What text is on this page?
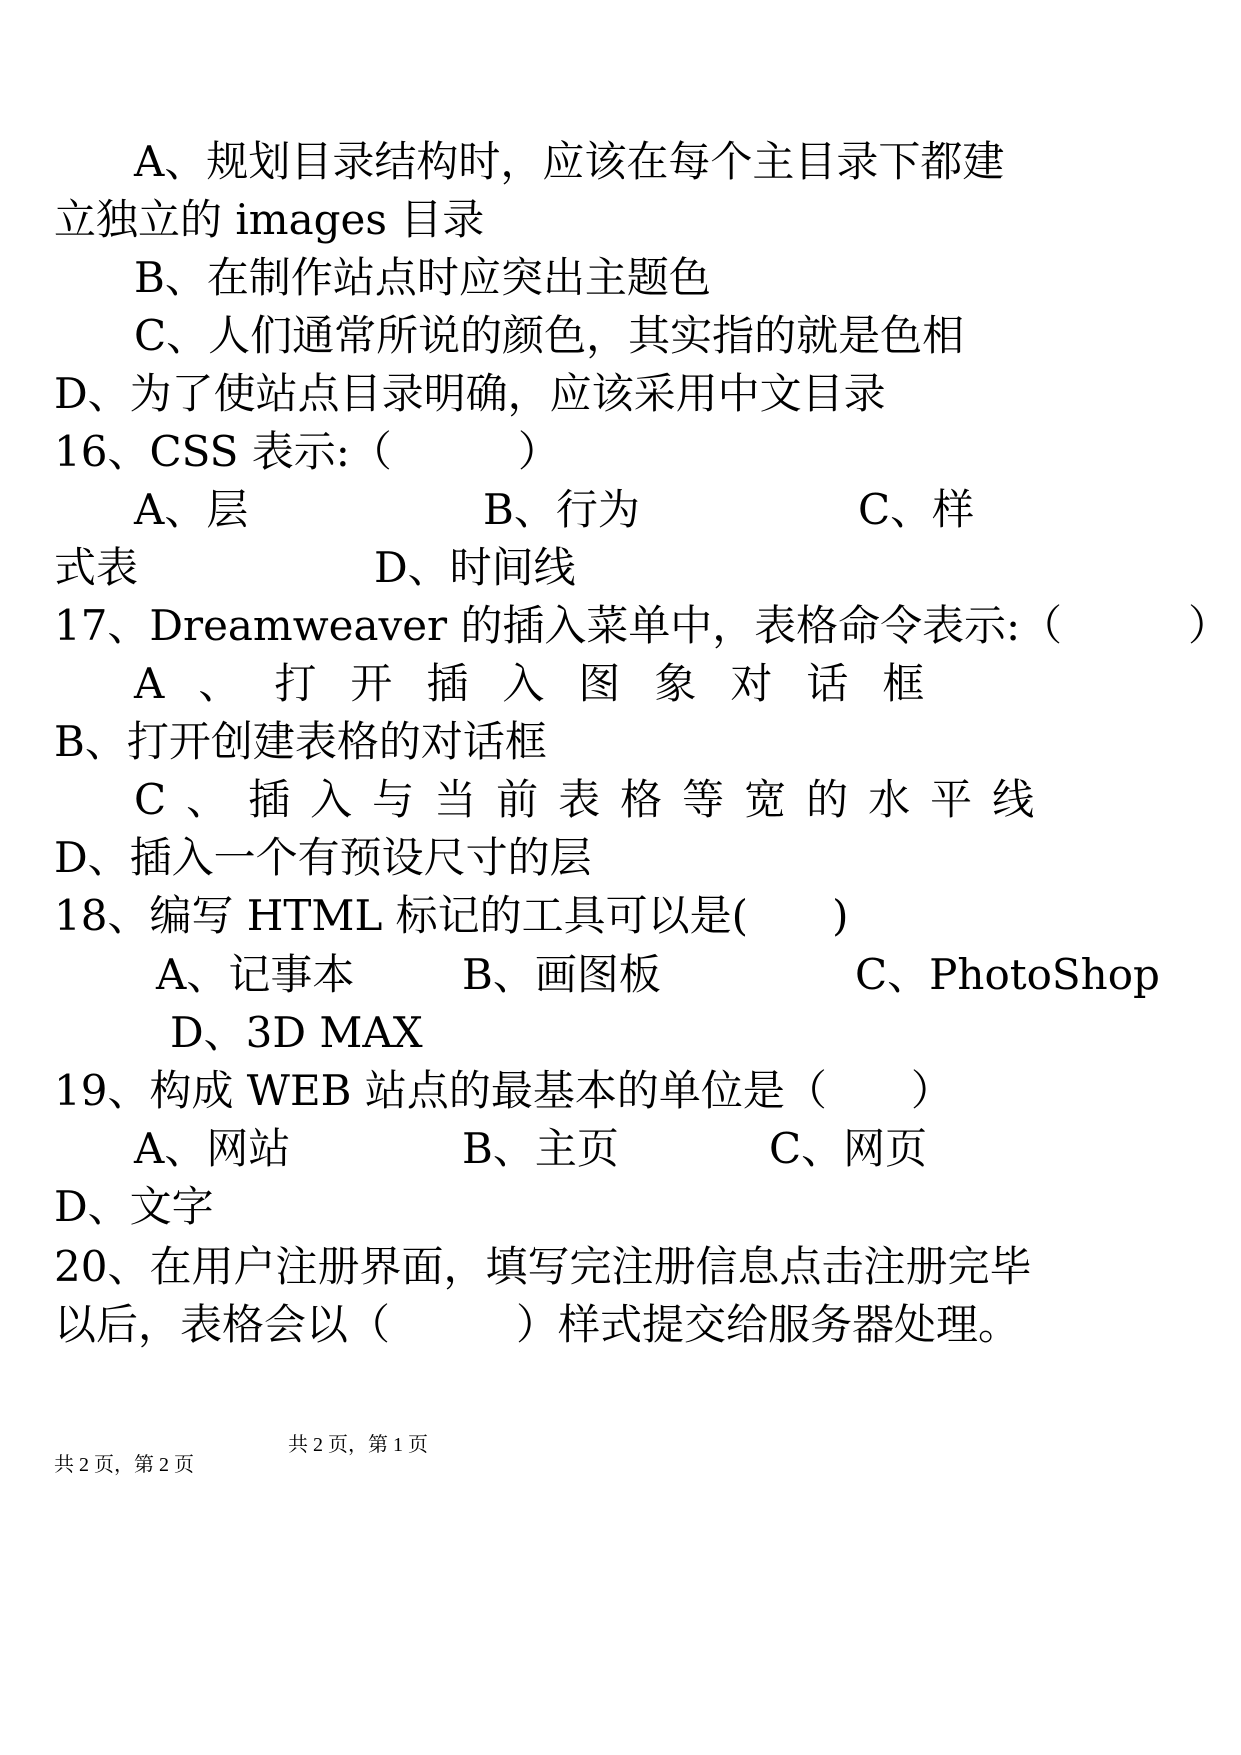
A、规划目录结构时，应该在每个主目录下都建
立独立的 images 目录
B、在制作站点时应突出主题色
C、人们通常所说的颜色，其实指的就是色相
D、为了使站点目录明确，应该采用中文目录
16、CSS 表示:（　　　）
A、层	B、行为	C、样
式表	D、时间线
17、Dreamweaver 的插入菜单中，表格命令表示:（　　　）
A、打开插入图象对话框
B、打开创建表格的对话框
C、插入与当前表格等宽的水平线
D、插入一个有预设尺寸的层
18、编写 HTML 标记的工具可以是(　　)
A、记事本	B、画图板	C、PhotoShop
D、3D MAX
19、构成 WEB 站点的最基本的单位是（　　）
A、网站	B、主页	C、网页
D、文字
20、在用户注册界面，填写完注册信息点击注册完毕
以后，表格会以（　　　）样式提交给服务器处理。
共 2 页，第 1 页
共 2 页，第 2 页
